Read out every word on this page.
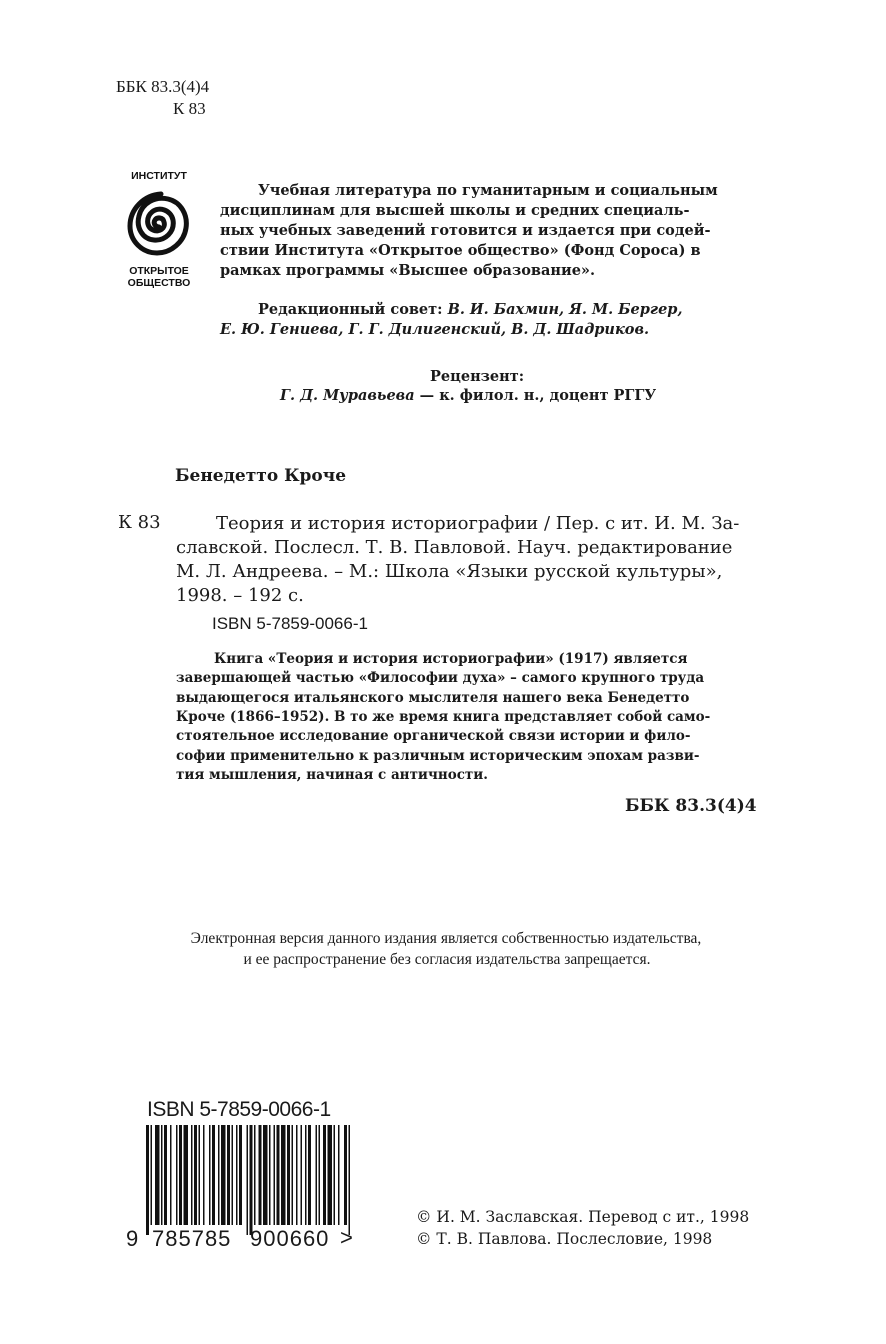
ББК 83.3(4)4
К 83
ИНСТИТУТ
ОТКРЫТОЕ
ОБЩЕСТВО
Учебная литература по гуманитарным и социальным
дисциплинам для высшей школы и средних специаль-
ных учебных заведений готовится и издается при содей-
ствии Института «Открытое общество» (Фонд Сороса) в
рамках программы «Высшее образование».
Редакционный совет: В. И. Бахмин, Я. М. Бергер,
Е. Ю. Гениева, Г. Г. Дилигенский, В. Д. Шадриков.
Рецензент:
Г. Д. Муравьева — к. филол. н., доцент РГГУ
Бенедетто Кроче
К 83	Теория и история историографии / Пер. с ит. И. М. За-
славской. Послесл. Т. В. Павловой. Науч. редактирование
М. Л. Андреева. – М.: Школа «Языки русской культуры»,
1998. – 192 с.
ISBN 5-7859-0066-1
Книга «Теория и история историографии» (1917) является
завершающей частью «Философии духа» – самого крупного труда
выдающегося итальянского мыслителя нашего века Бенедетто
Кроче (1866–1952). В то же время книга представляет собой само-
стоятельное исследование органической связи истории и фило-
софии применительно к различным историческим эпохам разви-
тия мышления, начиная с античности.
ББК 83.3(4)4
Электронная версия данного издания является собственностью издательства,
и ее распространение без согласия издательства запрещается.
ISBN 5-7859-0066-1
9 785785 900660 >
© И. М. Заславская. Перевод с ит., 1998
© Т. В. Павлова. Послесловие, 1998
